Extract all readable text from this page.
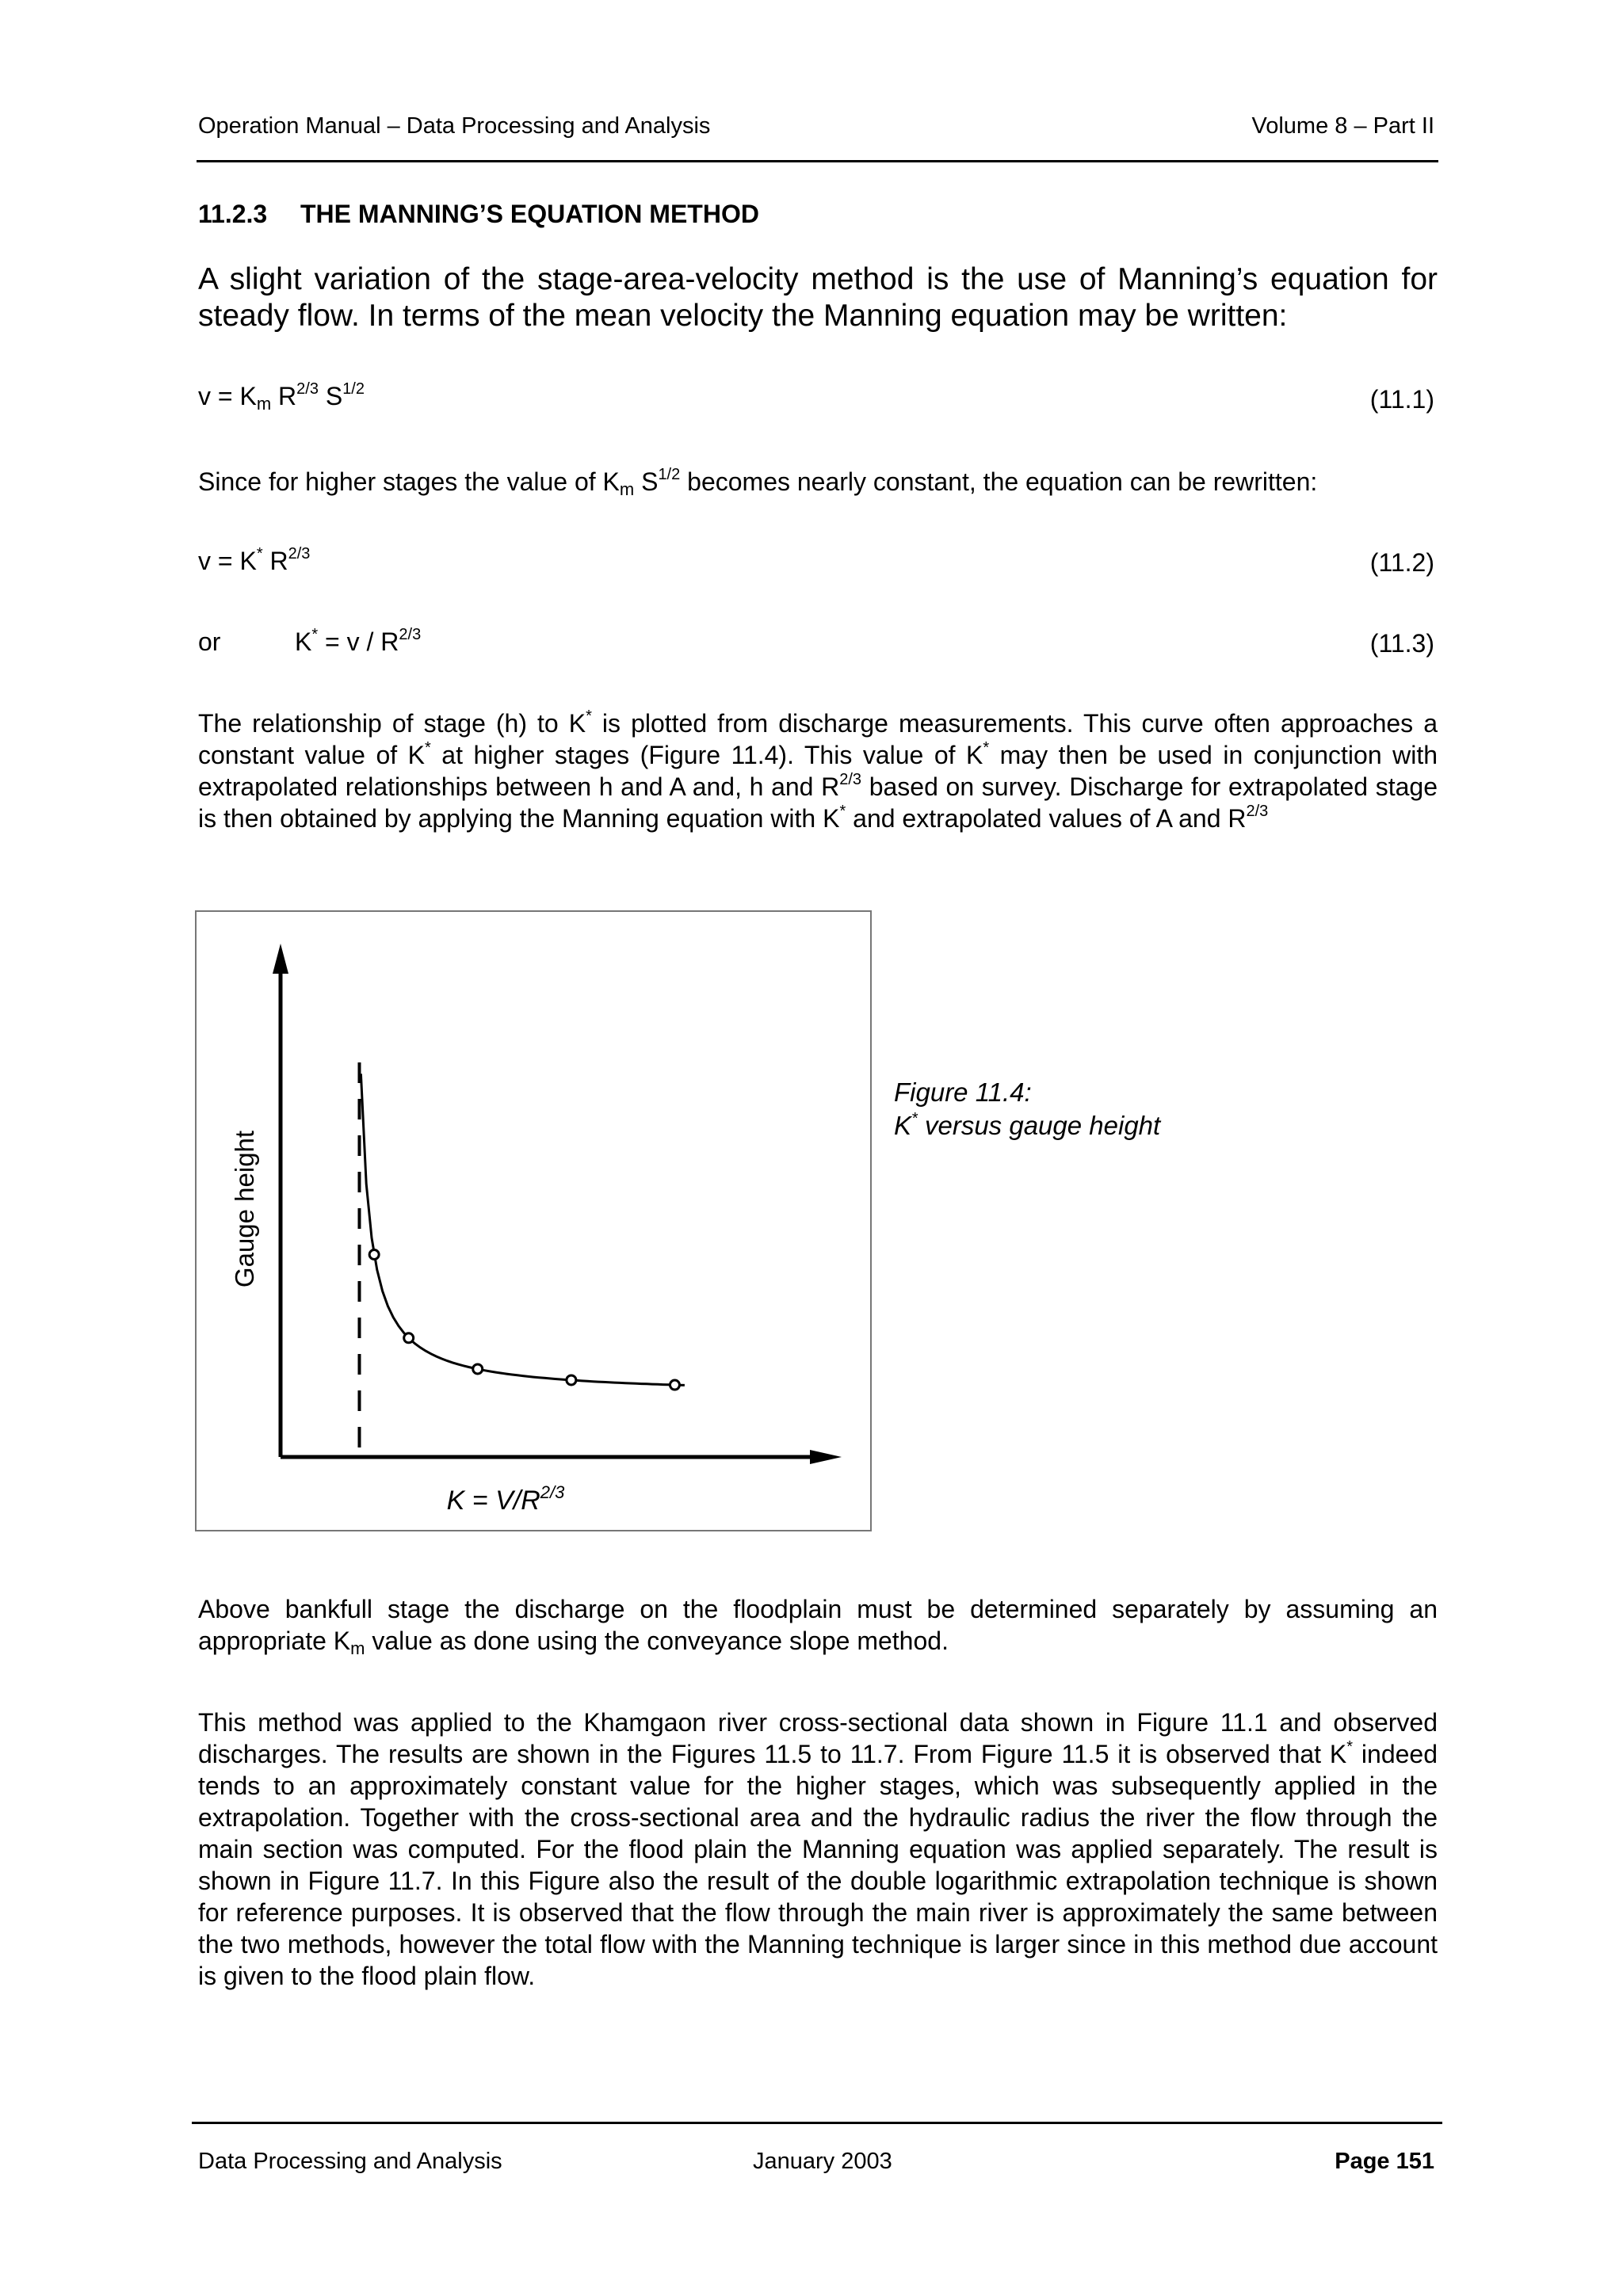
Operation Manual – Data Processing and Analysis	Volume 8 – Part II
11.2.3 THE MANNING’S EQUATION METHOD
A slight variation of the stage-area-velocity method is the use of Manning’s equation for steady flow. In terms of the mean velocity the Manning equation may be written:
$v = K_m$ $R^{2/3}$ $S^{1/2}$	(11.1)
Since for higher stages the value of $K_m$ $S^{1/2}$ becomes nearly constant, the equation can be rewritten:
v = K* $R^{2/3}$	(11.2)
or	$K^* = v / R^{2/3}$	(11.3)
The relationship of stage (h) to K* is plotted from discharge measurements. This curve often approaches a constant value of K* at higher stages (Figure 11.4). This value of K* may then be used in conjunction with extrapolated relationships between h and A and, h and $R^{2/3}$ based on survey. Discharge for extrapolated stage is then obtained by applying the Manning equation with K* and extrapolated values of A and $R^{2/3}$
Gauge height
$K = V/R^{2/3}$
Figure 11.4:
K* versus gauge height
Above bankfull stage the discharge on the floodplain must be determined separately by assuming an appropriate $K_m$ value as done using the conveyance slope method.
This method was applied to the Khamgaon river cross-sectional data shown in Figure 11.1 and observed discharges. The results are shown in the Figures 11.5 to 11.7. From Figure 11.5 it is observed that K* indeed tends to an approximately constant value for the higher stages, which was subsequently applied in the extrapolation. Together with the cross-sectional area and the hydraulic radius the river the flow through the main section was computed. For the flood plain the Manning equation was applied separately. The result is shown in Figure 11.7. In this Figure also the result of the double logarithmic extrapolation technique is shown for reference purposes. It is observed that the flow through the main river is approximately the same between the two methods, however the total flow with the Manning technique is larger since in this method due account is given to the flood plain flow.
Data Processing and Analysis	January 2003	Page 151
